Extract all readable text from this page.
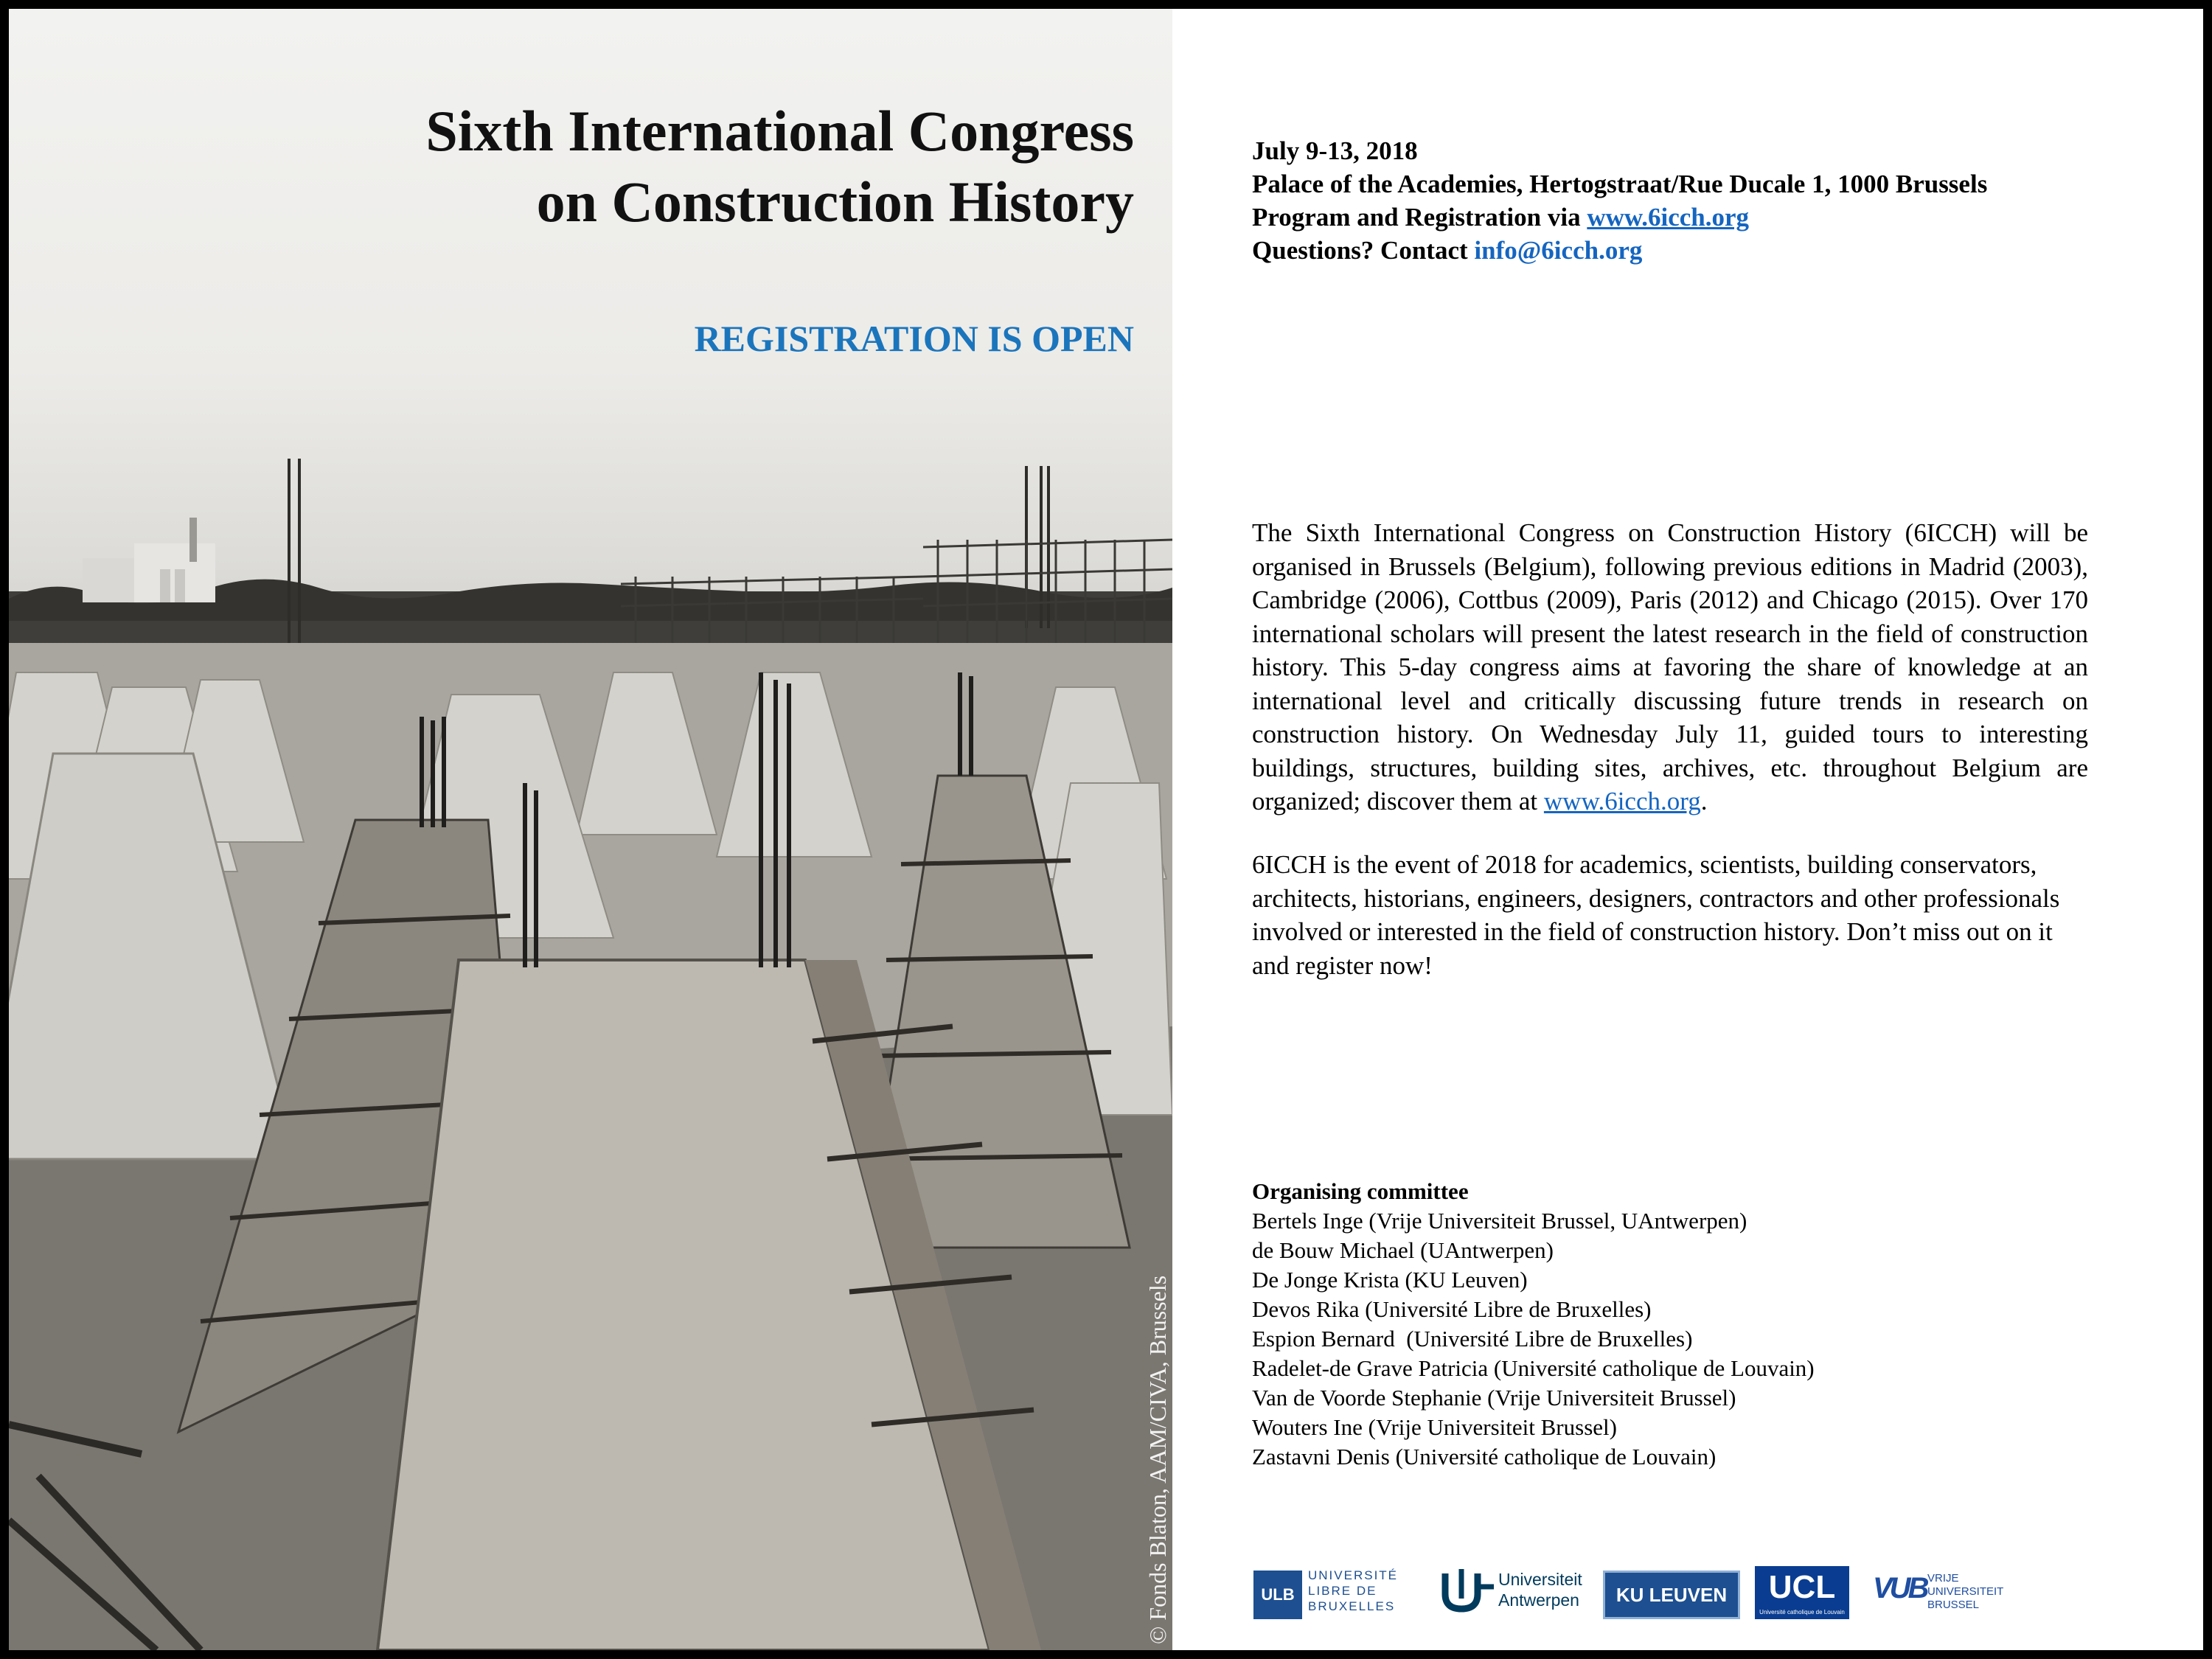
Sixth International Congress
on Construction History
REGISTRATION IS OPEN
© Fonds Blaton, AAM/CIVA, Brussels
July 9-13, 2018
Palace of the Academies, Hertogstraat/Rue Ducale 1, 1000 Brussels
Program and Registration via www.6icch.org
Questions? Contact info@6icch.org
The Sixth International Congress on Construction History (6ICCH) will be organised in Brussels (Belgium), following previous editions in Madrid (2003), Cambridge (2006), Cottbus (2009), Paris (2012) and Chicago (2015). Over 170 international scholars will present the latest research in the field of construction history. This 5-day congress aims at favoring the share of knowledge at an international level and critically discussing future trends in research on construction history. On Wednesday July 11, guided tours to interesting buildings, structures, building sites, archives, etc. throughout Belgium are organized; discover them at www.6icch.org.
6ICCH is the event of 2018 for academics, scientists, building conservators, architects, historians, engineers, designers, contractors and other professionals involved or interested in the field of construction history. Don’t miss out on it and register now!
Organising committee
Bertels Inge (Vrije Universiteit Brussel, UAntwerpen)
de Bouw Michael (UAntwerpen)
De Jonge Krista (KU Leuven)
Devos Rika (Université Libre de Bruxelles)
Espion Bernard  (Université Libre de Bruxelles)
Radelet-de Grave Patricia (Université catholique de Louvain)
Van de Voorde Stephanie (Vrije Universiteit Brussel)
Wouters Ine (Vrije Universiteit Brussel)
Zastavni Denis (Université catholique de Louvain)
ULB
UNIVERSITÉ LIBRE DE BRUXELLES
Universiteit Antwerpen	KU LEUVEN	UCL
Université catholique de Louvain
VUB VRIJE UNIVERSITEIT BRUSSEL
